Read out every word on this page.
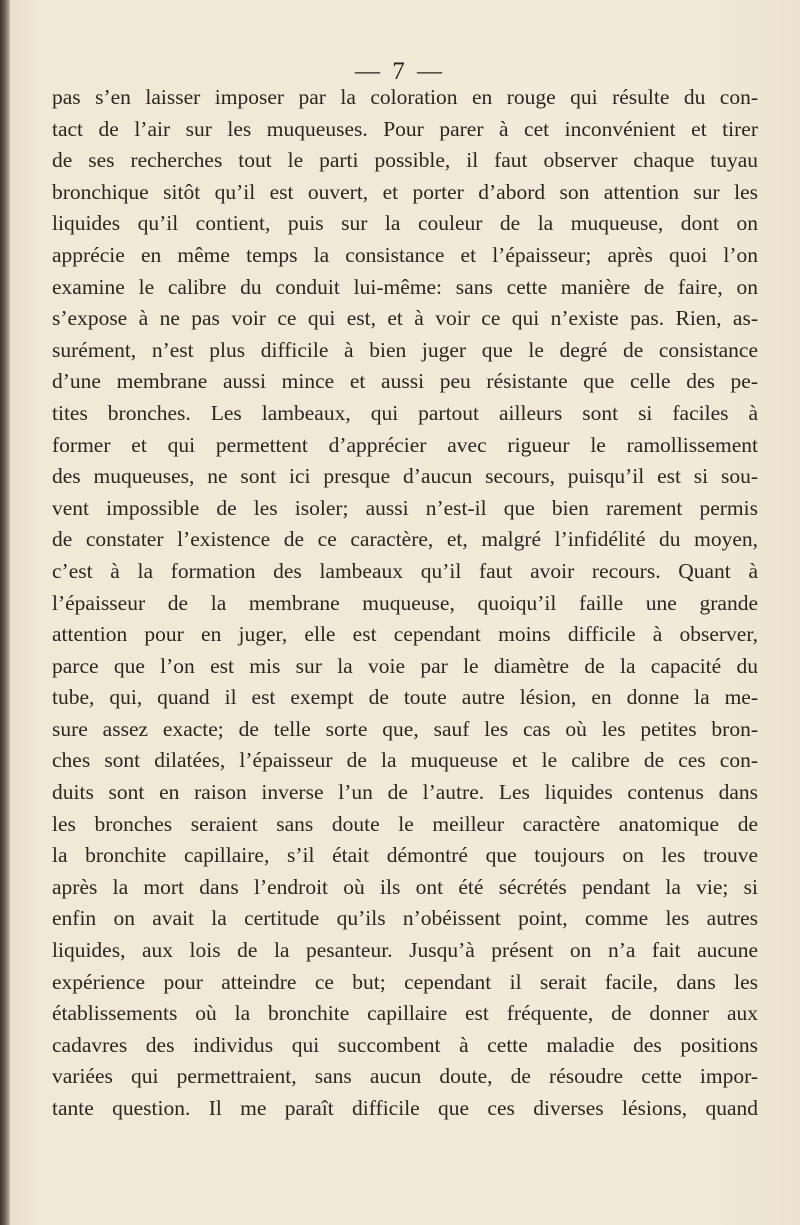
— 7 —
pas s’en laisser imposer par la coloration en rouge qui résulte du con-
tact de l’air sur les muqueuses. Pour parer à cet inconvénient et tirer
de ses recherches tout le parti possible, il faut observer chaque tuyau
bronchique sitôt qu’il est ouvert, et porter d’abord son attention sur les
liquides qu’il contient, puis sur la couleur de la muqueuse, dont on
apprécie en même temps la consistance et l’épaisseur; après quoi l’on
examine le calibre du conduit lui-même: sans cette manière de faire, on
s’expose à ne pas voir ce qui est, et à voir ce qui n’existe pas. Rien, as-
surément, n’est plus difficile à bien juger que le degré de consistance
d’une membrane aussi mince et aussi peu résistante que celle des pe-
tites bronches. Les lambeaux, qui partout ailleurs sont si faciles à
former et qui permettent d’apprécier avec rigueur le ramollissement
des muqueuses, ne sont ici presque d’aucun secours, puisqu’il est si sou-
vent impossible de les isoler; aussi n’est-il que bien rarement permis
de constater l’existence de ce caractère, et, malgré l’infidélité du moyen,
c’est à la formation des lambeaux qu’il faut avoir recours. Quant à
l’épaisseur de la membrane muqueuse, quoiqu’il faille une grande
attention pour en juger, elle est cependant moins difficile à observer,
parce que l’on est mis sur la voie par le diamètre de la capacité du
tube, qui, quand il est exempt de toute autre lésion, en donne la me-
sure assez exacte; de telle sorte que, sauf les cas où les petites bron-
ches sont dilatées, l’épaisseur de la muqueuse et le calibre de ces con-
duits sont en raison inverse l’un de l’autre. Les liquides contenus dans
les bronches seraient sans doute le meilleur caractère anatomique de
la bronchite capillaire, s’il était démontré que toujours on les trouve
après la mort dans l’endroit où ils ont été sécrétés pendant la vie; si
enfin on avait la certitude qu’ils n’obéissent point, comme les autres
liquides, aux lois de la pesanteur. Jusqu’à présent on n’a fait aucune
expérience pour atteindre ce but; cependant il serait facile, dans les
établissements où la bronchite capillaire est fréquente, de donner aux
cadavres des individus qui succombent à cette maladie des positions
variées qui permettraient, sans aucun doute, de résoudre cette impor-
tante question. Il me paraît difficile que ces diverses lésions, quand
